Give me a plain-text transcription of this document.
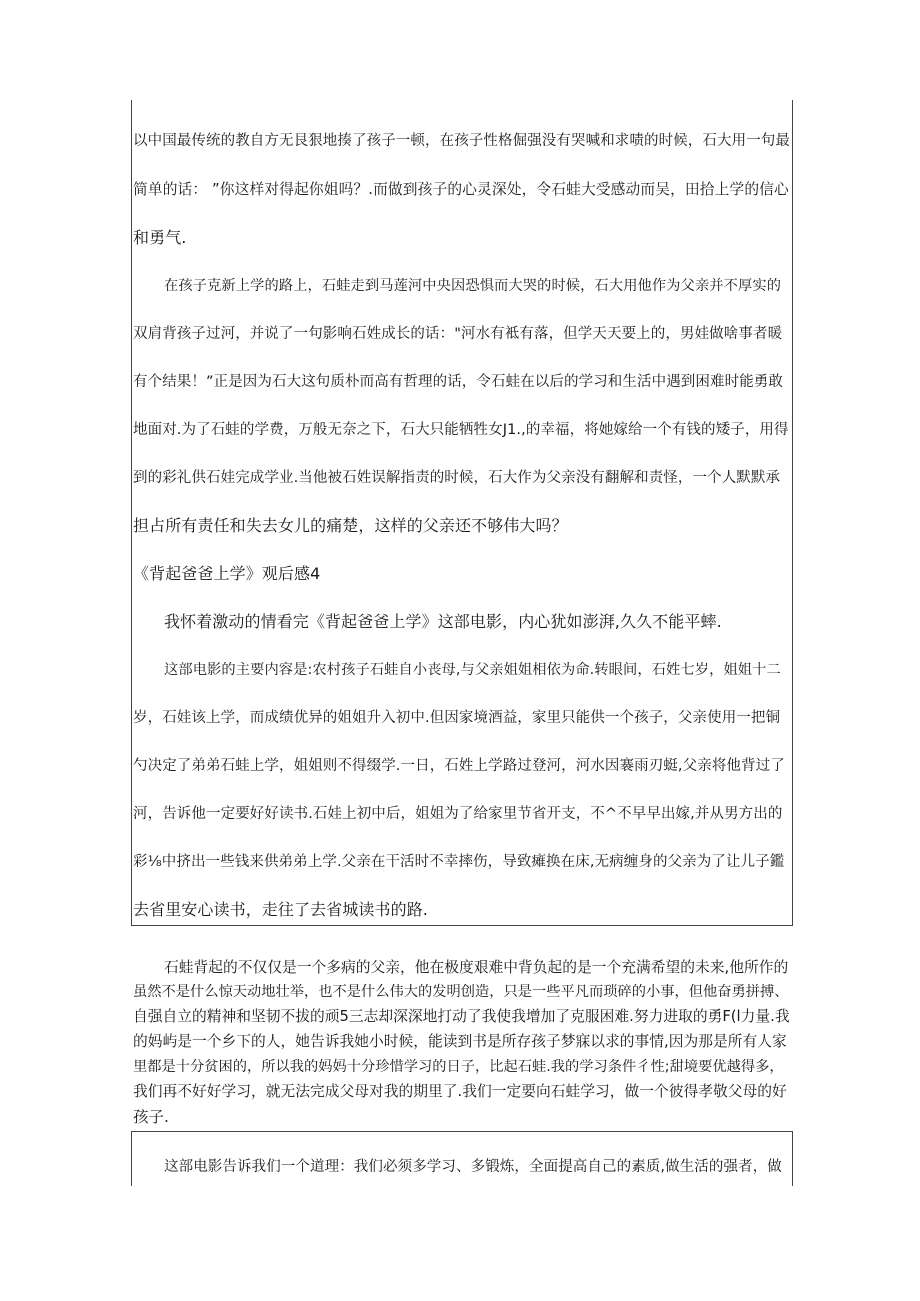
以中国最传统的教自方无艮狠地揍了孩子一顿，在孩子性格倔强没有哭喊和求啧的时候，石大用一句最
简单的话： ”你这样对得起你姐吗？.而做到孩子的心灵深处，令石蛙大受感动而吴，田拾上学的信心
和勇气.
在孩子克新上学的路上，石蛙走到马莲河中央因恐惧而大哭的时候，石大用他作为父亲并不厚实的
双肩背孩子过河，并说了一句影响石姓成长的话："河水有袛有落，但学天天要上的，男娃做啥事者暖
有个结果！”正是因为石大这句质朴而高有哲理的话，令石蛙在以后的学习和生活中遇到困难时能勇敢
地面对.为了石蛙的学费，万般无奈之下，石大只能牺牲女J1.,的幸福，将她嫁给一个有钱的矮子，用得
到的彩礼供石娃完成学业.当他被石姓误解指责的时候，石大作为父亲没有翻解和责怪，一个人默默承
担占所有责任和失去女儿的痛楚，这样的父亲还不够伟大吗？
《背起爸爸上学》观后感4
我怀着激动的情看完《背起爸爸上学》这部电影，内心犹如澎湃,久久不能平蟀.
这部电影的主要内容是:农村孩子石蛙自小丧母,与父亲姐姐相依为命.转眼间，石姓七岁，姐姐十二
岁，石娃该上学，而成绩优异的姐姐升入初中.但因家境酒益，家里只能供一个孩子，父亲使用一把铜
勺决定了弟弟石蛙上学，姐姐则不得缀学.一日，石姓上学路过登河，河水因褰雨刃蜓,父亲将他背过了
河，告诉他一定要好好读书.石娃上初中后，姐姐为了给家里节省开支，不^不早早出嫁,并从男方出的
彩⅛中挤出一些钱来供弟弟上学.父亲在干活时不幸摔伤，导致瘫换在床,无病缠身的父亲为了让儿子鑑
去省里安心读书，走往了去省城读书的路.
石蛙背起的不仅仅是一个多病的父亲，他在极度艰难中背负起的是一个充满希望的未来,他所作的
虽然不是什么惊天动地壮举，也不是什么伟大的发明创造，只是一些平凡而琐碎的小事，但他奋勇拼搏、
自强自立的精神和坚韧不拔的顽5三志却深深地打动了我使我增加了克服困难.努力进取的勇F(l力量.我
的妈屿是一个乡下的人，她告诉我她小时候，能读到书是所存孩子梦寐以求的事情,因为那是所有人家
里都是十分贫困的，所以我的妈妈十分珍惜学习的日子，比起石蛙.我的学习条件彳性;甜境要优越得多，
我们再不好好学习，就无法完成父母对我的期里了.我们一定要向石蛙学习，做一个彼得孝敬父母的好
孩子.
这部电影告诉我们一个道理：我们必须多学习、多锻炼，全面提高自己的素质,做生活的强者，做
